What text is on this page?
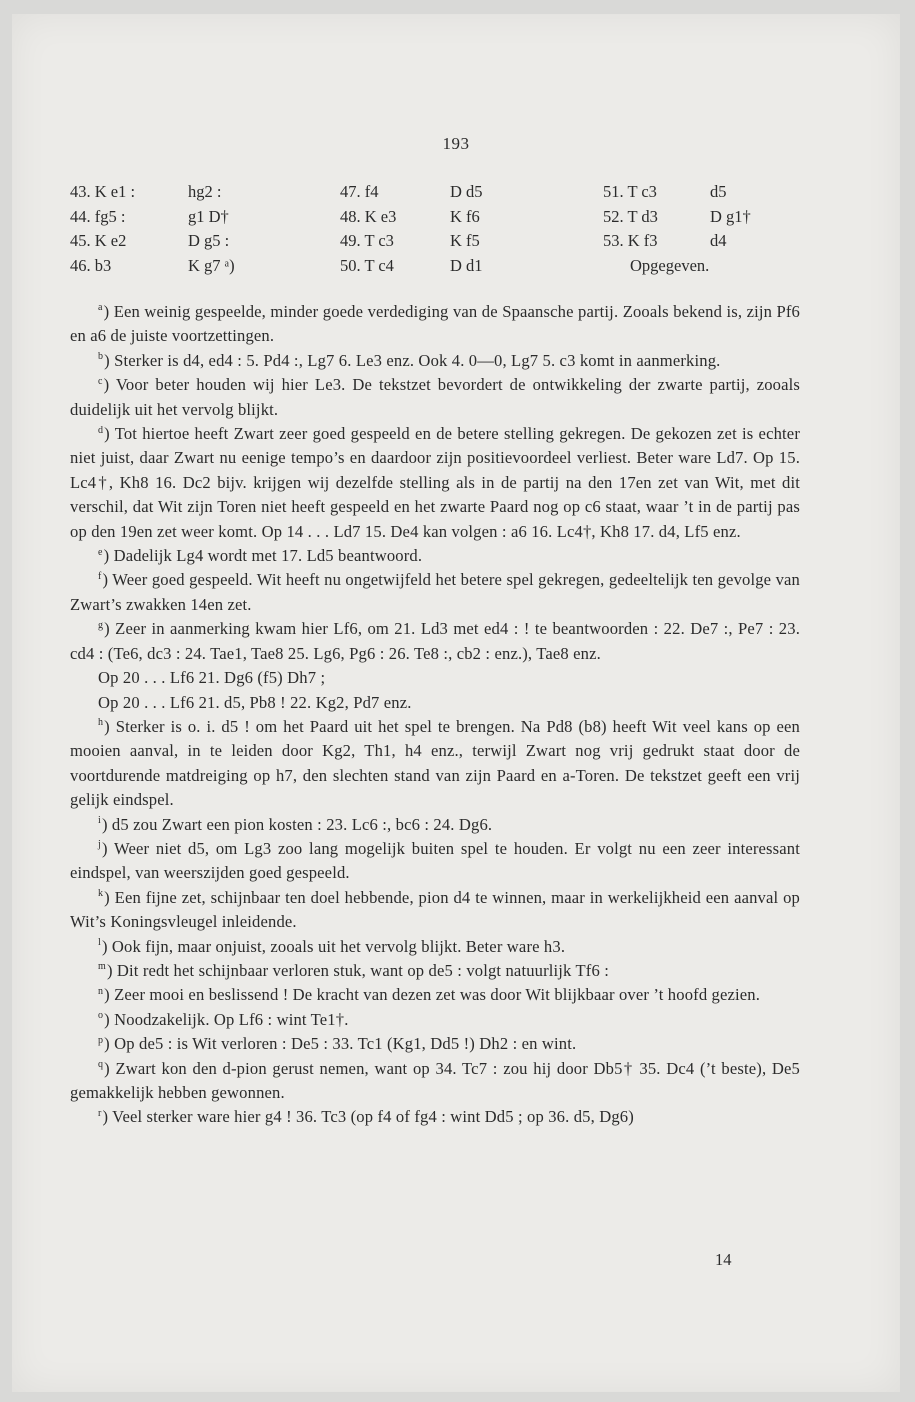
193
43. K e1 :	hg2 :	47. f4	D d5	51. T c3	d5
44. fg5 :	g1 D†	48. K e3	K f6	52. T d3	D g1†
45. K e2	D g5 :	49. T c3	K f5	53. K f3	d4
46. b3	K g7 ᵃ)	50. T c4	D d1	Opgegeven.

$^a$) Een weinig gespeelde, minder goede verdediging van de Spaansche partij. Zooals bekend is, zijn Pf6 en a6 de juiste voortzettingen.

$^b$) Sterker is d4, ed4 : 5. Pd4 :, Lg7 6. Le3 enz. Ook 4. 0—0, Lg7 5. c3 komt in aanmerking.

$^c$) Voor beter houden wij hier Le3. De tekstzet bevordert de ontwikkeling der zwarte partij, zooals duidelijk uit het vervolg blijkt.

$^d$) Tot hiertoe heeft Zwart zeer goed gespeeld en de betere stelling gekregen. De gekozen zet is echter niet juist, daar Zwart nu eenige tempo’s en daardoor zijn positievoordeel verliest. Beter ware Ld7. Op 15. Lc4†, Kh8 16. Dc2 bijv. krijgen wij dezelfde stelling als in de partij na den 17en zet van Wit, met dit verschil, dat Wit zijn Toren niet heeft gespeeld en het zwarte Paard nog op c6 staat, waar ’t in de partij pas op den 19en zet weer komt. Op 14 . . . Ld7 15. De4 kan volgen : a6 16. Lc4†, Kh8 17. d4, Lf5 enz.

$^e$) Dadelijk Lg4 wordt met 17. Ld5 beantwoord.

$^f$) Weer goed gespeeld. Wit heeft nu ongetwijfeld het betere spel gekregen, gedeeltelijk ten gevolge van Zwart’s zwakken 14en zet.

$^g$) Zeer in aanmerking kwam hier Lf6, om 21. Ld3 met ed4 : ! te beantwoorden : 22. De7 :, Pe7 : 23. cd4 : (Te6, dc3 : 24. Tae1, Tae8 25. Lg6, Pg6 : 26. Te8 :, cb2 : enz.), Tae8 enz.

Op 20 . . . Lf6 21. Dg6 (f5) Dh7 ;

Op 20 . . . Lf6 21. d5, Pb8 ! 22. Kg2, Pd7 enz.

$^h$) Sterker is o. i. d5 ! om het Paard uit het spel te brengen. Na Pd8 (b8) heeft Wit veel kans op een mooien aanval, in te leiden door Kg2, Th1, h4 enz., terwijl Zwart nog vrij gedrukt staat door de voortdurende matdreiging op h7, den slechten stand van zijn Paard en a-Toren. De tekstzet geeft een vrij gelijk eindspel.

$^i$) d5 zou Zwart een pion kosten : 23. Lc6 :, bc6 : 24. Dg6.

$^j$) Weer niet d5, om Lg3 zoo lang mogelijk buiten spel te houden. Er volgt nu een zeer interessant eindspel, van weerszijden goed gespeeld.

$^k$) Een fijne zet, schijnbaar ten doel hebbende, pion d4 te winnen, maar in werkelijkheid een aanval op Wit’s Koningsvleugel inleidende.

$^l$) Ook fijn, maar onjuist, zooals uit het vervolg blijkt. Beter ware h3.

$^m$) Dit redt het schijnbaar verloren stuk, want op de5 : volgt natuurlijk Tf6 :

$^n$) Zeer mooi en beslissend ! De kracht van dezen zet was door Wit blijkbaar over ’t hoofd gezien.

$^o$) Noodzakelijk. Op Lf6 : wint Te1†.

$^p$) Op de5 : is Wit verloren : De5 : 33. Tc1 (Kg1, Dd5 !) Dh2 : en wint.

$^q$) Zwart kon den d-pion gerust nemen, want op 34. Tc7 : zou hij door Db5† 35. Dc4 (’t beste), De5 gemakkelijk hebben gewonnen.

$^r$) Veel sterker ware hier g4 ! 36. Tc3 (op f4 of fg4 : wint Dd5 ; op 36. d5, Dg6)

14
